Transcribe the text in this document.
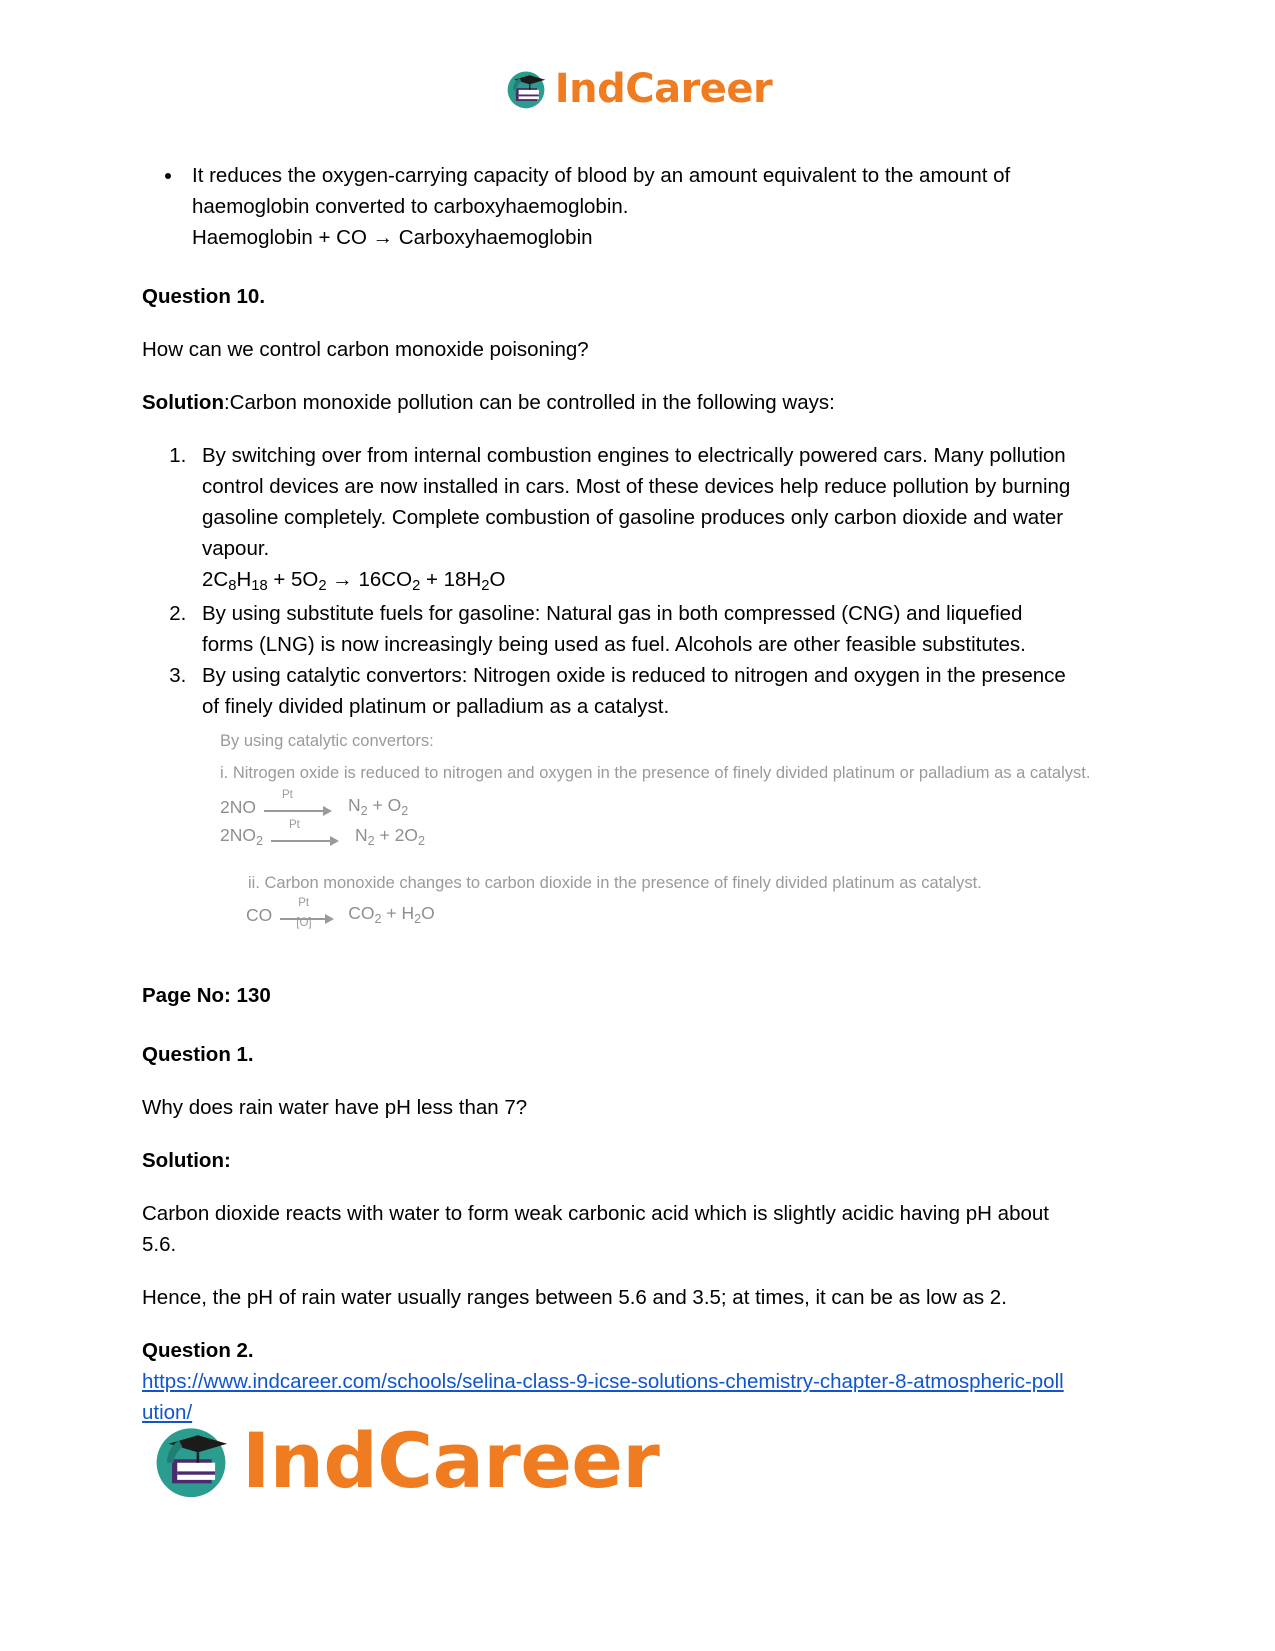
IndCareer
• It reduces the oxygen-carrying capacity of blood by an amount equivalent to the amount of haemoglobin converted to carboxyhaemoglobin.
Haemoglobin + CO → Carboxyhaemoglobin
Question 10.

How can we control carbon monoxide poisoning?

Solution:Carbon monoxide pollution can be controlled in the following ways:

1. By switching over from internal combustion engines to electrically powered cars. Many pollution control devices are now installed in cars. Most of these devices help reduce pollution by burning gasoline completely. Complete combustion of gasoline produces only carbon dioxide and water vapour.
$2C_8H_{18} + 5O_2 \to 16CO_2 + 18H_2O$
2. By using substitute fuels for gasoline: Natural gas in both compressed (CNG) and liquefied forms (LNG) is now increasingly being used as fuel. Alcohols are other feasible substitutes.
3. By using catalytic convertors: Nitrogen oxide is reduced to nitrogen and oxygen in the presence of finely divided platinum or palladium as a catalyst.
By using catalytic convertors:
i. Nitrogen oxide is reduced to nitrogen and oxygen in the presence of finely divided platinum or palladium as a catalyst.
2NO
Pt	$N_2 + O_2$
$2NO_2$
Pt	$N_2 + 2O_2$
ii. Carbon monoxide changes to carbon dioxide in the presence of finely divided platinum as catalyst.
CO
Pt
[O] $CO_2 + H_2O$
Page No: 130
Question 1.

Why does rain water have pH less than 7?

Solution:

Carbon dioxide reacts with water to form weak carbonic acid which is slightly acidic having pH about 5.6.

Hence, the pH of rain water usually ranges between 5.6 and 3.5; at times, it can be as low as 2.

Question 2.
https://www.indcareer.com/schools/selina-class-9-icse-solutions-chemistry-chapter-8-atmospheric-pollution/
IndCareer
